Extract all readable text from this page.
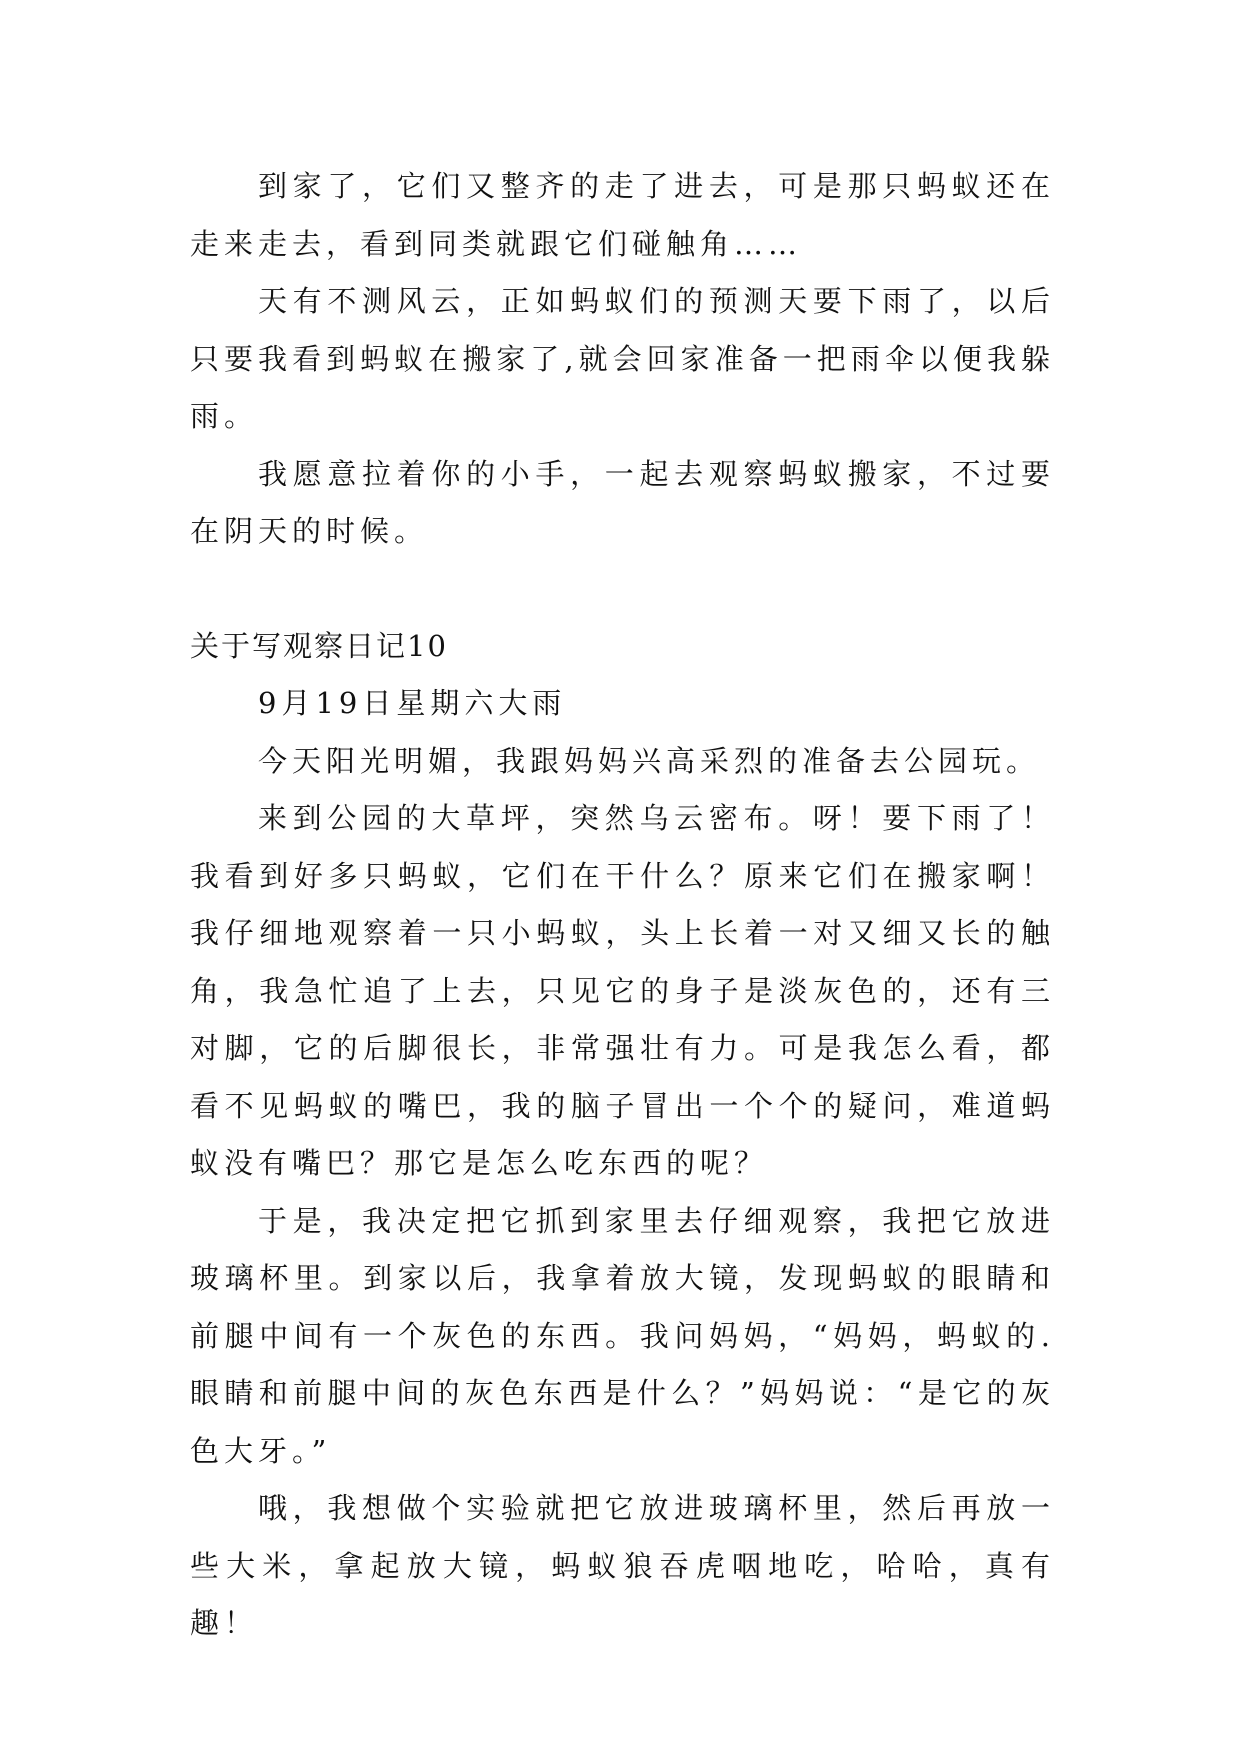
到家了，它们又整齐的走了进去，可是那只蚂蚁还在走来走去，看到同类就跟它们碰触角……

天有不测风云，正如蚂蚁们的预测天要下雨了，以后只要我看到蚂蚁在搬家了,就会回家准备一把雨伞以便我躲雨。

我愿意拉着你的小手，一起去观察蚂蚁搬家，不过要在阴天的时候。

关于写观察日记10

9月19日星期六大雨

今天阳光明媚，我跟妈妈兴高采烈的准备去公园玩。

来到公园的大草坪，突然乌云密布。呀！要下雨了！我看到好多只蚂蚁，它们在干什么？原来它们在搬家啊！我仔细地观察着一只小蚂蚁，头上长着一对又细又长的触角，我急忙追了上去，只见它的身子是淡灰色的，还有三对脚，它的后脚很长，非常强壮有力。可是我怎么看，都看不见蚂蚁的嘴巴，我的脑子冒出一个个的疑问，难道蚂蚁没有嘴巴？那它是怎么吃东西的呢？

于是，我决定把它抓到家里去仔细观察，我把它放进玻璃杯里。到家以后，我拿着放大镜，发现蚂蚁的眼睛和前腿中间有一个灰色的东西。我问妈妈，“妈妈，蚂蚁的.眼睛和前腿中间的灰色东西是什么？”妈妈说：“是它的灰色大牙。”

哦，我想做个实验就把它放进玻璃杯里，然后再放一些大米，拿起放大镜，蚂蚁狼吞虎咽地吃，哈哈，真有趣！
